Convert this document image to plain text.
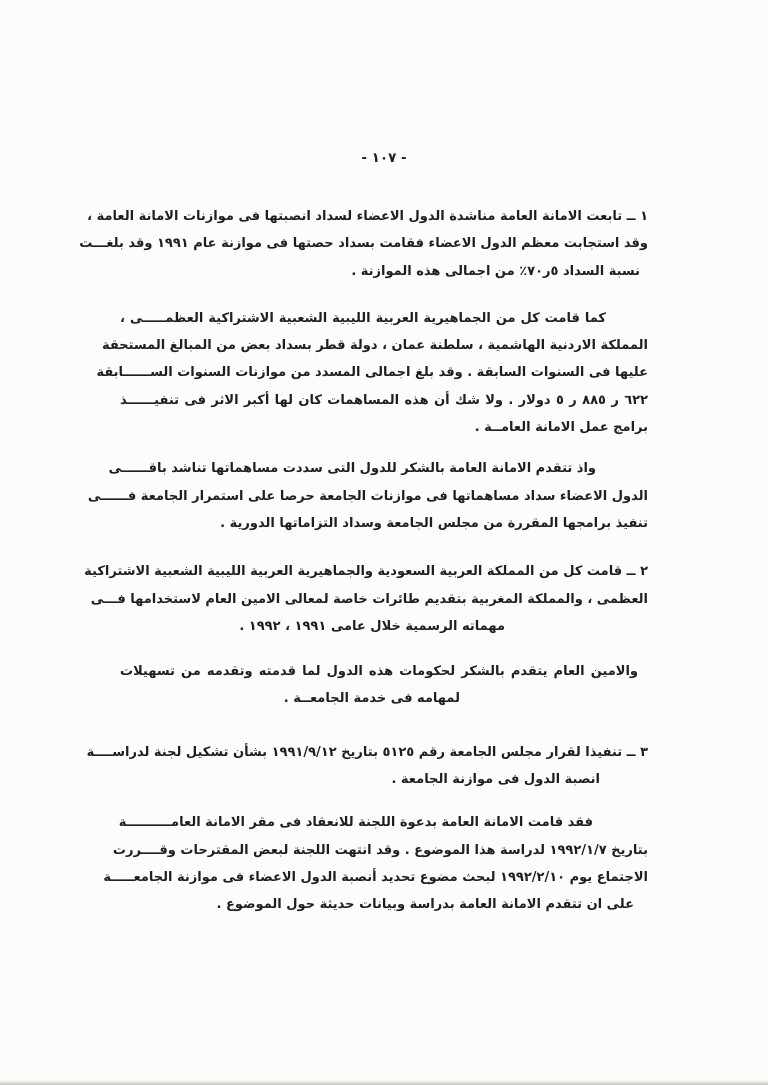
- ١٠٧ -
١ ــ تابعت الامانة العامة مناشدة الدول الاعضاء لسداد انصبتها فى موازنات الامانة العامة ،
وقد استجابت معظم الدول الاعضاء فقامت بسداد حصتها فى موازنة عام ١٩٩١ وقد بلغـــت
نسبة السداد ٥ر٧٠٪ من اجمالى هذه الموازنة .
كما قامت كل من الجماهيرية العربية الليبية الشعبية الاشتراكية العظمـــــى ،
المملكة الاردنية الهاشمية ، سلطنة عمان ، دولة قطر بسداد بعض من المبالغ المستحقة
عليها فى السنوات السابقة . وقد بلغ اجمالى المسدد من موازنات السنوات الســــــابقة
٦٢٢ ر ٨٨٥ ر ٥ دولار . ولا شك أن هذه المساهمات كان لها أكبر الاثر فى تنفيــــــذ
برامج عمل الامانة العامــة .
واذ تتقدم الامانة العامة بالشكر للدول التى سددت مساهماتها تناشد باقــــــى
الدول الاعضاء سداد مساهماتها فى موازنات الجامعة حرصا على استمرار الجامعة فــــــى
تنفيذ برامجها المقررة من مجلس الجامعة وسداد التزاماتها الدورية .
٢ ــ قامت كل من المملكة العربية السعودية والجماهيرية العربية الليبية الشعبية الاشتراكية
العظمى ، والمملكة المغربية بتقديم طائرات خاصة لمعالى الامين العام لاستخدامها فـــى
مهماته الرسمية خلال عامى ١٩٩١ ، ١٩٩٢ .
والامين العام يتقدم بالشكر لحكومات هذه الدول لما قدمته وتقدمه من تسهيلات
لمهامه فى خدمة الجامعــة .
٣ ــ تنفيذا لقرار مجلس الجامعة رقم ٥١٢٥ بتاريخ ١٩٩١/٩/١٢ بشأن تشكيل لجنة لدراســــة
انصبة الدول فى موازنة الجامعة .
فقد قامت الامانة العامة بدعوة اللجنة للانعقاد فى مقر الامانة العامــــــــــة
بتاريخ ١٩٩٢/١/٧ لدراسة هذا الموضوع . وقد انتهت اللجنة لبعض المقترحات وقــــررت
الاجتماع يوم ١٩٩٢/٢/١٠ لبحث مضوع تحديد أنصبة الدول الاعضاء فى موازنة الجامعـــــة
على ان تتقدم الامانة العامة بدراسة وبيانات حديثة حول الموضوع .
